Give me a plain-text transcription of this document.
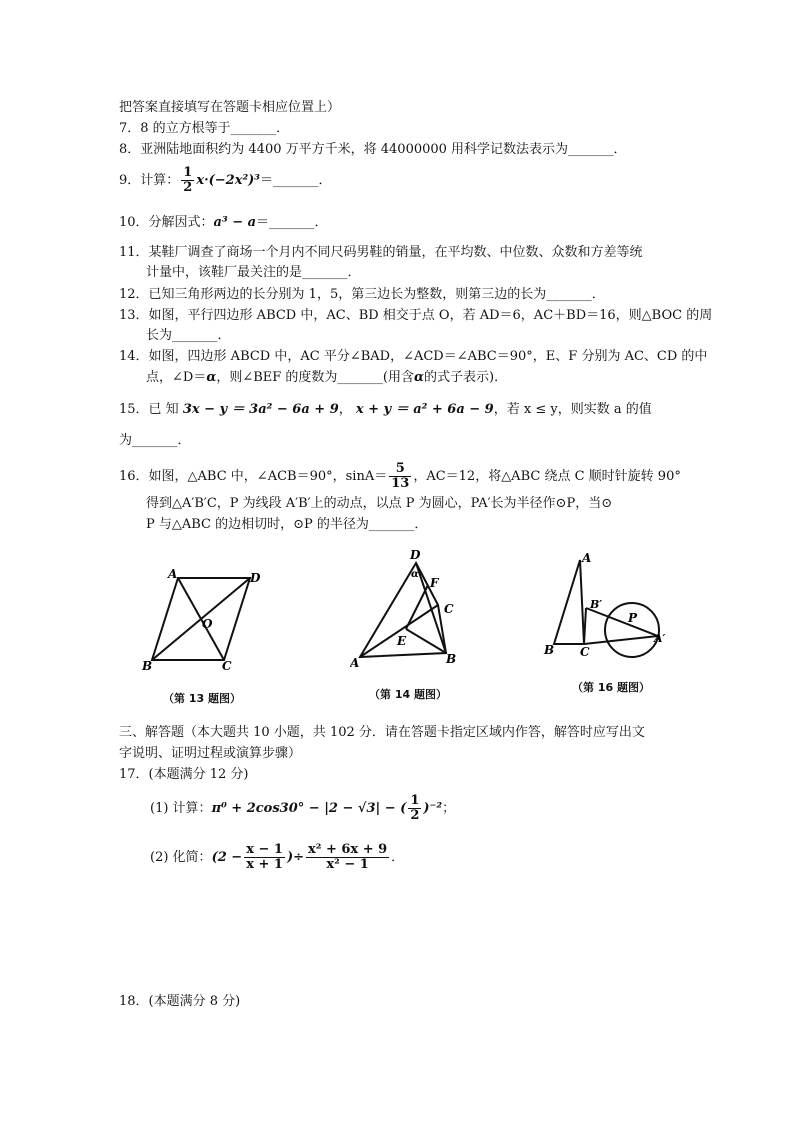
把答案直接填写在答题卡相应位置上）
7．8 的立方根等于_______．
8．亚洲陆地面积约为 4400 万平方千米，将 44000000 用科学记数法表示为_______．
9．计算： $\frac{1}{2}$ x·(−2x²)³＝_______．
10．分解因式：a³ − a＝_______．
11．某鞋厂调查了商场一个月内不同尺码男鞋的销量，在平均数、中位数、众数和方差等统
计量中，该鞋厂最关注的是_______．
12．已知三角形两边的长分别为 1，5，第三边长为整数，则第三边的长为_______．
13．如图，平行四边形 ABCD 中，AC、BD 相交于点 O，若 AD＝6，AC＋BD＝16，则△BOC 的周
长为_______．
14．如图，四边形 ABCD 中，AC 平分∠BAD，∠ACD＝∠ABC＝90°，E、F 分别为 AC、CD 的中
点，∠D＝α，则∠BEF 的度数为_______(用含α的式子表示)．
15．已 知 3x − y ＝ 3a² − 6a + 9， x + y ＝ a² + 6a − 9，若 x ≤ y，则实数 a 的值
为_______．
16．如图，△ABC 中，∠ACB＝90°，$\sin A= \frac{5}{13}$ ，AC＝12，将△ABC 绕点 C 顺时针旋转 90°
得到△A′B′C，P 为线段 A′B′上的动点，以点 P 为圆心，PA′长为半径作⊙P，当⊙
P 与△ABC 的边相切时，⊙P 的半径为_______．
A	D
O
B	C
（第 13 题图）
D
α
F
C
E
A	B
（第 14 题图）
A
B′
P
A′
B C
（第 16 题图）
三、解答题（本大题共 10 小题，共 102 分．请在答题卡指定区域内作答，解答时应写出文
字说明、证明过程或演算步骤）
17．(本题满分 12 分)
(1) 计算：π⁰ + 2cos30° − |2 − √3| − ( $\frac{1}{2} )^{-2}$；
(2) 化简：($2 - \frac{x - 1}{x + 1}$ )÷ $\frac{\text{x² + 6x + 9}}{\text{x² − 1}}$ ．
18．(本题满分 8 分)
